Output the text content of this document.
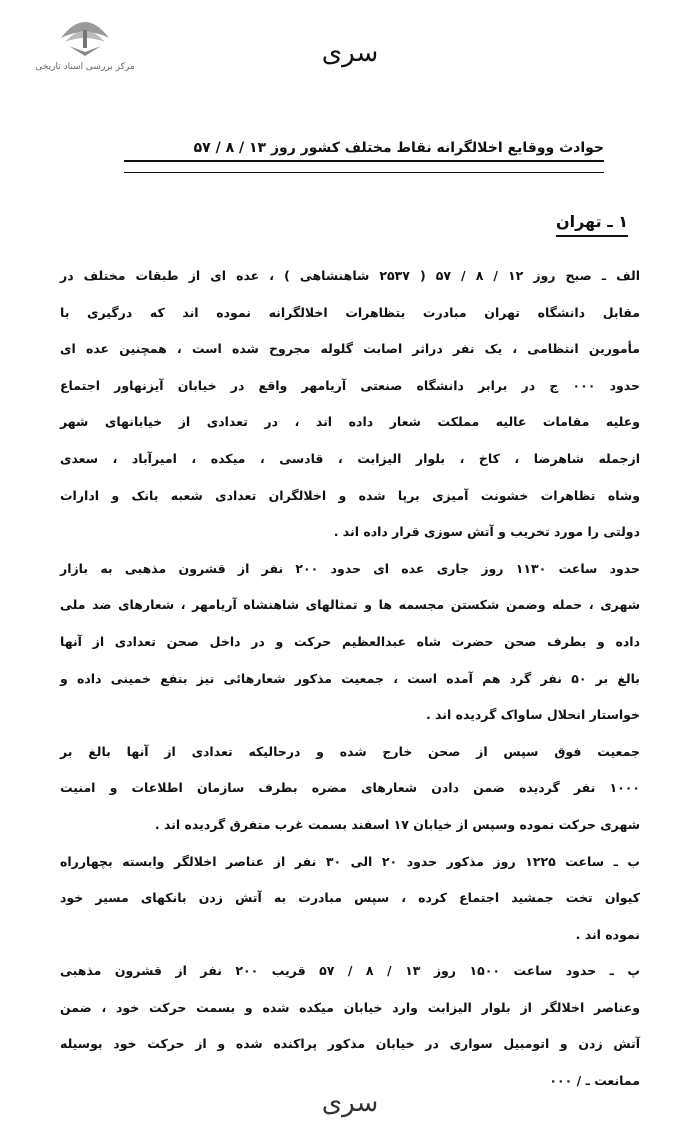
مرکز بررسی اسناد تاریخی	سری
حوادث ووقایع اخلالگرانه نقاط مختلف کشور روز ۱۳ / ۸ / ۵۷
۱ ـ تهران
الف ـ صبح روز ۱۲ / ۸ / ۵۷ ( ۲۵۳۷ شاهنشاهی ) ، عده ای از طبقات مختلف در
مقابل دانشگاه تهران مبادرت بتظاهرات اخلالگرانه نموده اند که درگیری با
مأمورین انتظامی ، یک نفر دراثر اصابت گلوله مجروح شده است ، همچنین عده ای
حدود ۰۰۰ ج در برابر دانشگاه صنعتی آریامهر واقع در خیابان آیزنهاور اجتماع
وعلیه مقامات عالیه مملکت شعار داده اند ، در تعدادی از خیابانهای شهر
ازجمله شاهرضا ، کاخ ، بلوار الیزابت ، قادسی ، میکده ، امیرآباد ، سعدی
وشاه تظاهرات خشونت آمیزی برپا شده و اخلالگران تعدادی شعبه بانک و ادارات
دولتی را مورد تخریب و آتش سوزی قرار داده اند .
حدود ساعت ۱۱۳۰ روز جاری عده ای حدود ۲۰۰ نفر از قشرون مذهبی به بازار
شهری ، حمله وضمن شکستن مجسمه ها و تمثالهای شاهنشاه آریامهر ، شعارهای ضد ملی
داده و بطرف صحن حضرت شاه عبدالعظیم حرکت و در داخل صحن تعدادی از آنها
بالغ بر ۵۰ نفر گرد هم آمده است ، جمعیت مذکور شعارهائی نیز بنفع خمینی داده و
خواستار انحلال ساواک گردیده اند .
جمعیت فوق سپس از صحن خارج شده و درحالیکه تعدادی از آنها بالغ بر
۱۰۰۰ نفر گردیده ضمن دادن شعارهای مضره بطرف سازمان اطلاعات و امنیت
شهری حرکت نموده وسپس از خیابان ۱۷ اسفند بسمت غرب متفرق گردیده اند .
ب ـ ساعت ۱۲۲۵ روز مذکور حدود ۲۰ الی ۳۰ نفر از عناصر اخلالگر وابسته بچهارراه
کیوان تخت جمشید اجتماع کرده ، سپس مبادرت به آتش زدن بانکهای مسیر خود
نموده اند .
پ ـ حدود ساعت ۱۵۰۰ روز ۱۳ / ۸ / ۵۷ قریب ۲۰۰ نفر از قشرون مذهبی
وعناصر اخلالگر از بلوار الیزابت وارد خیابان میکده شده و بسمت حرکت خود ، ضمن
آتش زدن و اتومبیل سواری در خیابان مذکور پراکنده شده و از حرکت خود بوسیله
ممانعت ـ / ۰۰۰
سری
